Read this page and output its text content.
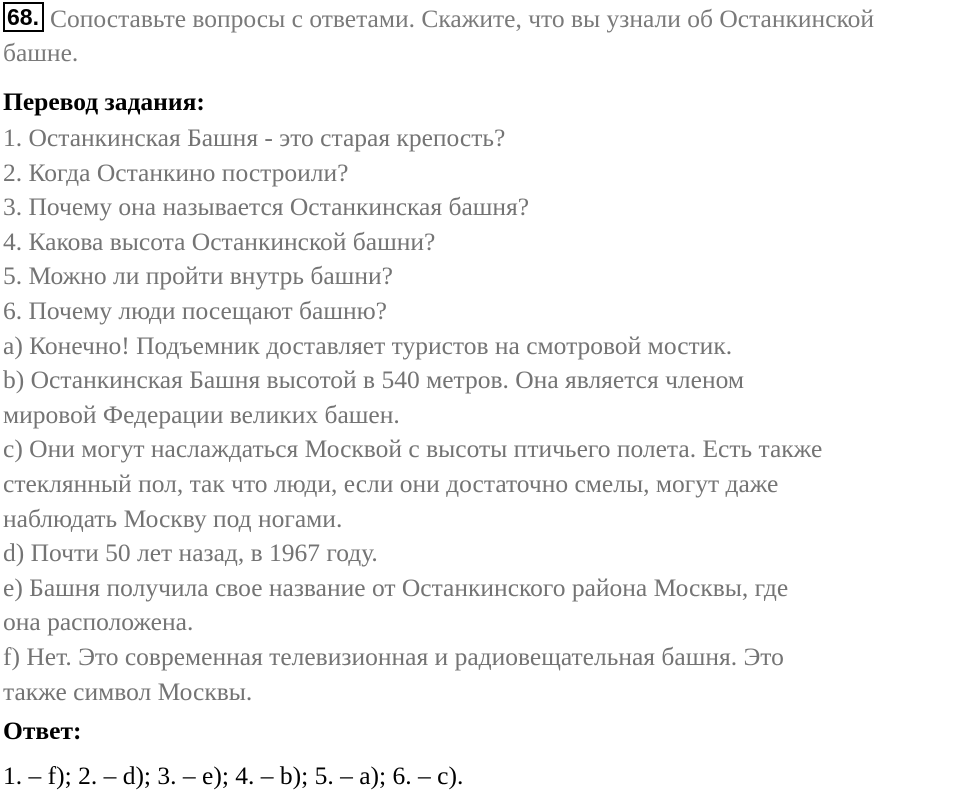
68. Сопоставьте вопросы с ответами. Скажите, что вы узнали об Останкинской башне.
Перевод задания:
1. Останкинская Башня - это старая крепость?
2. Когда Останкино построили?
3. Почему она называется Останкинская башня?
4. Какова высота Останкинской башни?
5. Можно ли пройти внутрь башни?
6. Почему люди посещают башню?
a) Конечно! Подъемник доставляет туристов на смотровой мостик.
b) Останкинская Башня высотой в 540 метров. Она является членом
мировой Федерации великих башен.
c) Они могут наслаждаться Москвой с высоты птичьего полета. Есть также
стеклянный пол, так что люди, если они достаточно смелы, могут даже
наблюдать Москву под ногами.
d) Почти 50 лет назад, в 1967 году.
e) Башня получила свое название от Останкинского района Москвы, где
она расположена.
f) Нет. Это современная телевизионная и радиовещательная башня. Это
также символ Москвы.
Ответ:
1. – f); 2. – d); 3. – e); 4. – b); 5. – a); 6. – c).
